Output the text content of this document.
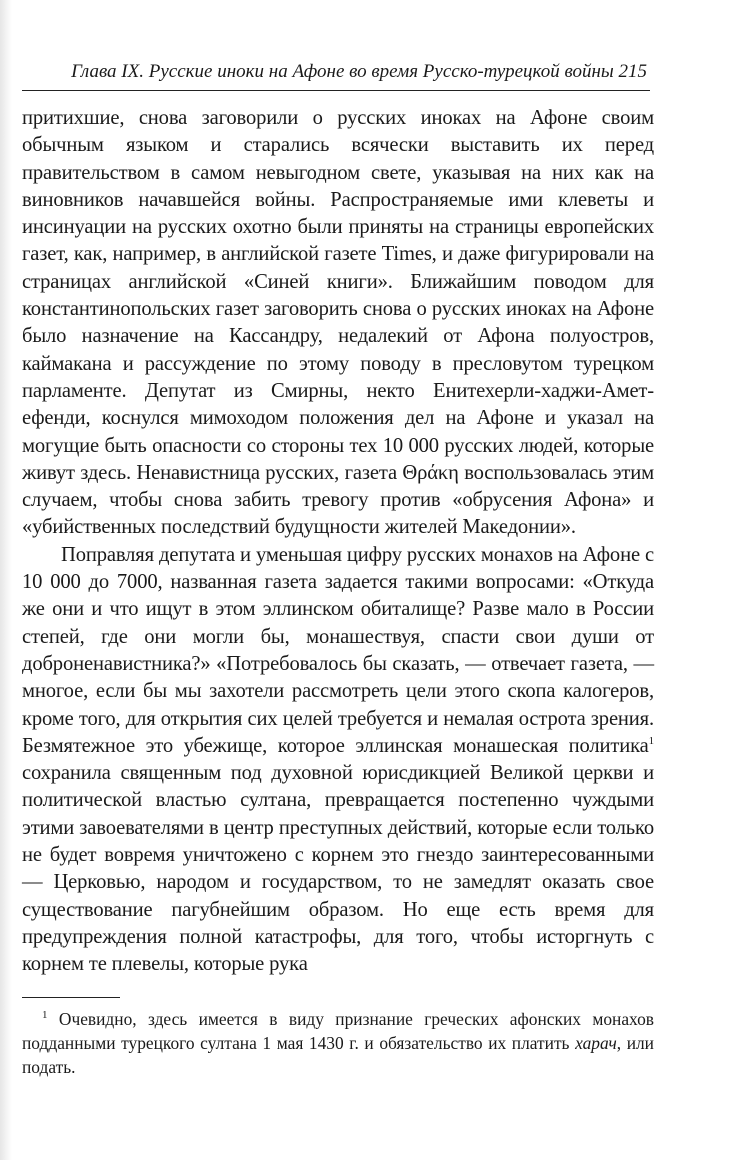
Глава IX. Русские иноки на Афоне во время Русско-турецкой войны 215

притихшие, снова заговорили о русских иноках на Афоне своим обычным языком и старались всячески выставить их перед правительством в самом невыгодном свете, указывая на них как на виновников начавшейся войны. Распространяемые ими клеветы и инсинуации на русских охотно были приняты на страницы европейских газет, как, например, в английской газете Times, и даже фигурировали на страницах английской «Синей книги». Ближайшим поводом для константинопольских газет заговорить снова о русских иноках на Афоне было назначение на Кассандру, недалекий от Афона полуостров, каймакана и рассуждение по этому поводу в пресловутом турецком парламенте. Депутат из Смирны, некто Енитехерли-хаджи-Амет-ефенди, коснулся мимоходом положения дел на Афоне и указал на могущие быть опасности со стороны тех 10 000 русских людей, которые живут здесь. Ненавистница русских, газета Θράκη воспользовалась этим случаем, чтобы снова забить тревогу против «обрусения Афона» и «убийственных последствий будущности жителей Македонии».

Поправляя депутата и уменьшая цифру русских монахов на Афоне с 10 000 до 7000, названная газета задается такими вопросами: «Откуда же они и что ищут в этом эллинском обиталище? Разве мало в России степей, где они могли бы, монашествуя, спасти свои души от доброненавистника?» «Потребовалось бы сказать, — отвечает газета, — многое, если бы мы захотели рассмотреть цели этого скопа калогеров, кроме того, для открытия сих целей требуется и немалая острота зрения. Безмятежное это убежище, которое эллинская монашеская политика$^1$ сохранила священным под духовной юрисдикцией Великой церкви и политической властью султана, превращается постепенно чуждыми этими завоевателями в центр преступных действий, которые если только не будет вовремя уничтожено с корнем это гнездо заинтересованными — Церковью, народом и государством, то не замедлят оказать свое существование пагубнейшим образом. Но еще есть время для предупреждения полной катастрофы, для того, чтобы исторгнуть с корнем те плевелы, которые рука

$^1$ Очевидно, здесь имеется в виду признание греческих афонских монахов подданными турецкого султана 1 мая 1430 г. и обязательство их платить харач, или подать.
